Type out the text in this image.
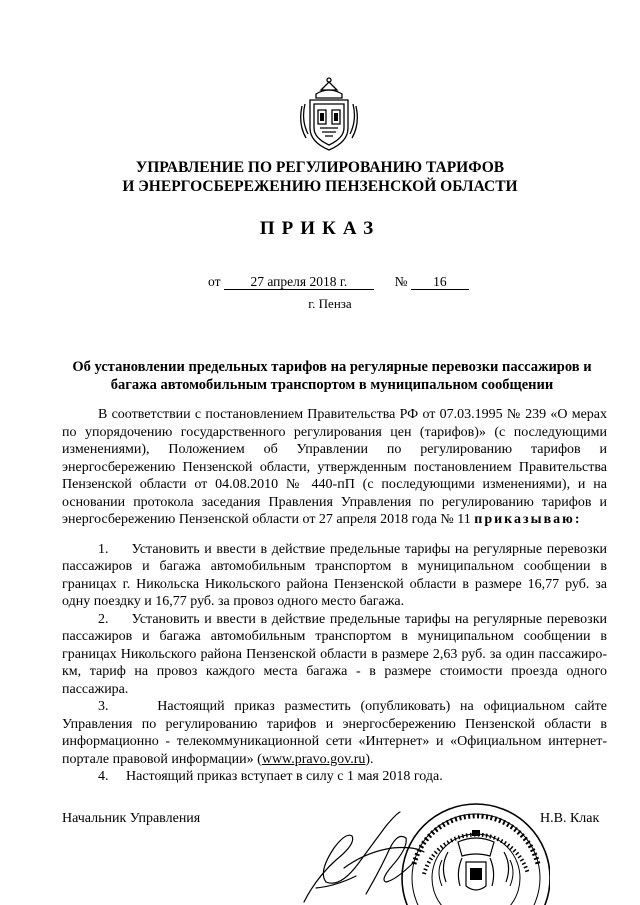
УПРАВЛЕНИЕ ПО РЕГУЛИРОВАНИЮ ТАРИФОВ
И ЭНЕРГОСБЕРЕЖЕНИЮ ПЕНЗЕНСКОЙ ОБЛАСТИ
ПРИКАЗ
от 27 апреля 2018 г.	№ 16
г. Пенза
Об установлении предельных тарифов на регулярные перевозки пассажиров и
багажа автомобильным транспортом в муниципальном сообщении

В соответствии с постановлением Правительства РФ от 07.03.1995 № 239 «О мерах по упорядочению государственного регулирования цен (тарифов)» (с последующими изменениями), Положением об Управлении по регулированию тарифов и энергосбережению Пензенской области, утвержденным постановлением Правительства Пензенской области от 04.08.2010 № 440-пП (с последующими изменениями), и на основании протокола заседания Правления Управления по регулированию тарифов и энергосбережению Пензенской области от 27 апреля 2018 года № 11 приказываю:

1. Установить и ввести в действие предельные тарифы на регулярные перевозки пассажиров и багажа автомобильным транспортом в муниципальном сообщении в границах г. Никольска Никольского района Пензенской области в размере 16,77 руб. за одну поездку и 16,77 руб. за провоз одного место багажа.

2. Установить и ввести в действие предельные тарифы на регулярные перевозки пассажиров и багажа автомобильным транспортом в муниципальном сообщении в границах Никольского района Пензенской области в размере 2,63 руб. за один пассажиро-км, тариф на провоз каждого места багажа - в размере стоимости проезда одного пассажира.

3.	Настоящий приказ разместить (опубликовать) на официальном сайте Управления по регулированию тарифов и энергосбережению Пензенской области в информационно - телекоммуникационной сети «Интернет» и «Официальном интернет-портале правовой информации» (www.pravo.gov.ru).

4. Настоящий приказ вступает в силу с 1 мая 2018 года.

Начальник Управления	Н.В. Клак
